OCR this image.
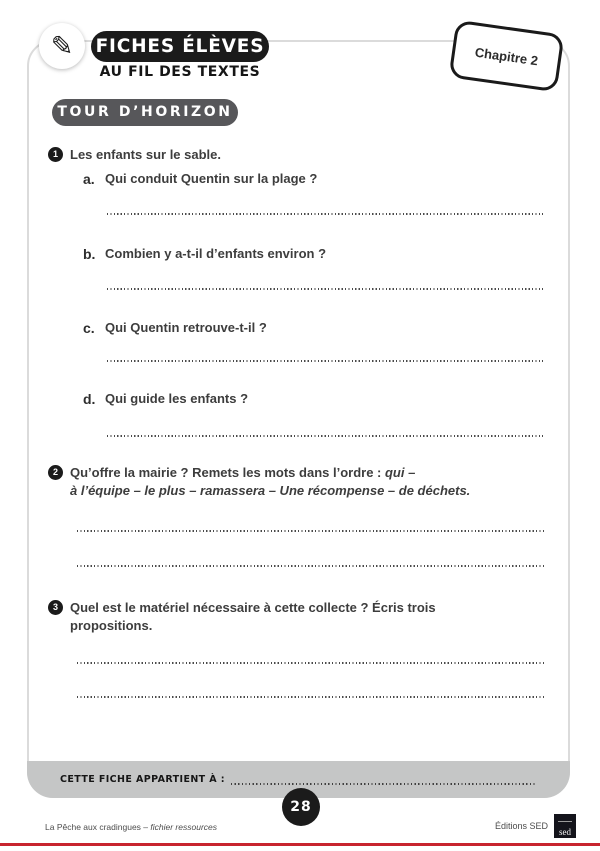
CETTE FICHE APPARTIENT À :
✎ FICHES ÉLÈVES
AU FIL DES TEXTES
Chapitre 2
TOUR D’HORIZON
1 Les enfants sur le sable.
a. Qui conduit Quentin sur la plage ?
b. Combien y a-t-il d’enfants environ ?
c. Qui Quentin retrouve-t-il ?
d. Qui guide les enfants ?
2 Qu’offre la mairie ? Remets les mots dans l’ordre : qui –
à l’équipe – le plus – ramassera – Une récompense – de déchets.
3 Quel est le matériel nécessaire à cette collecte ? Écris trois
propositions.
28
La Pêche aux cradingues – fichier ressources	Éditions SED
sed
